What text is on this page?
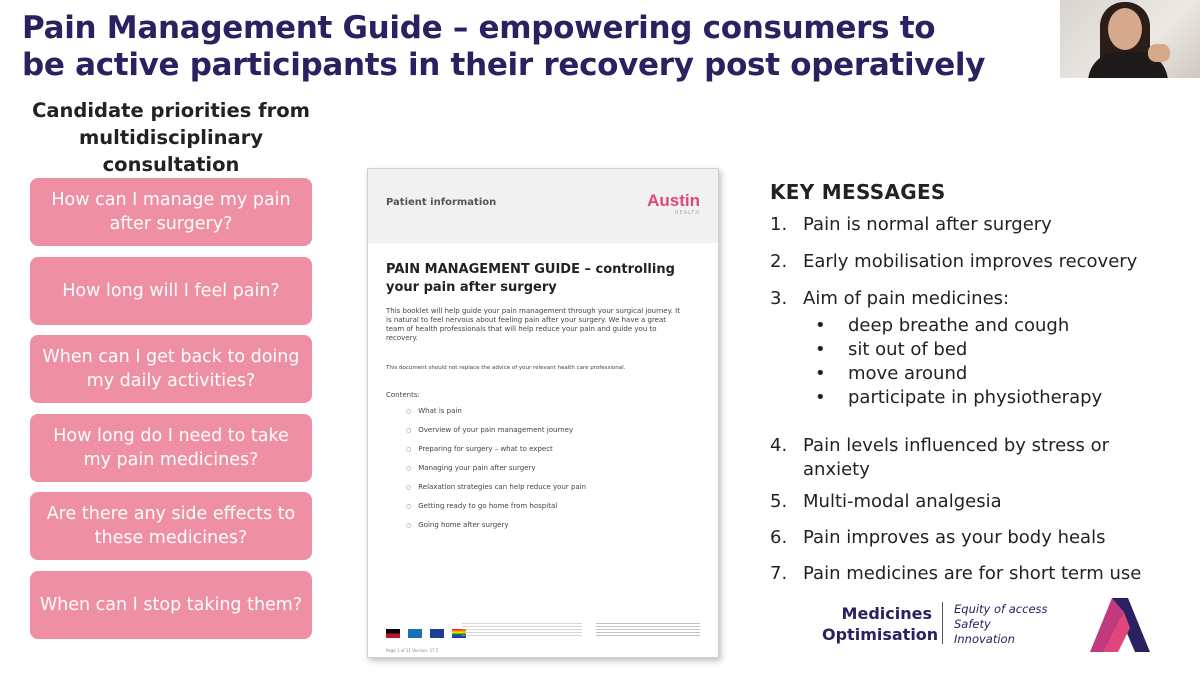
Pain Management Guide – empowering consumers to
be active participants in their recovery post operatively
Candidate priorities from multidisciplinary consultation
How can I manage my pain after surgery?
How long will I feel pain?
When can I get back to doing my daily activities?
How long do I need to take my pain medicines?
Are there any side effects to these medicines?
When can I stop taking them?
Patient information	Austin
HEALTH
PAIN MANAGEMENT GUIDE – controlling your pain after surgery
This booklet will help guide your pain management through your surgical journey. It is natural to feel nervous about feeling pain after your surgery. We have a great team of health professionals that will help reduce your pain and guide you to recovery.
This document should not replace the advice of your relevant health care professional.
Contents:
○ What is pain
○ Overview of your pain management journey
○ Preparing for surgery – what to expect
○ Managing your pain after surgery
○ Relaxation strategies can help reduce your pain
○ Getting ready to go home from hospital
○ Going home after surgery

Page 1 of 11 Version: 17.2
KEY MESSAGES
1. Pain is normal after surgery
2. Early mobilisation improves recovery
3. Aim of pain medicines:
• deep breathe and cough
• sit out of bed
• move around
• participate in physiotherapy
4. Pain levels influenced by stress or anxiety
5. Multi-modal analgesia
6. Pain improves as your body heals
7. Pain medicines are for short term use
Medicines
Optimisation
Equity of access
Safety
Innovation
